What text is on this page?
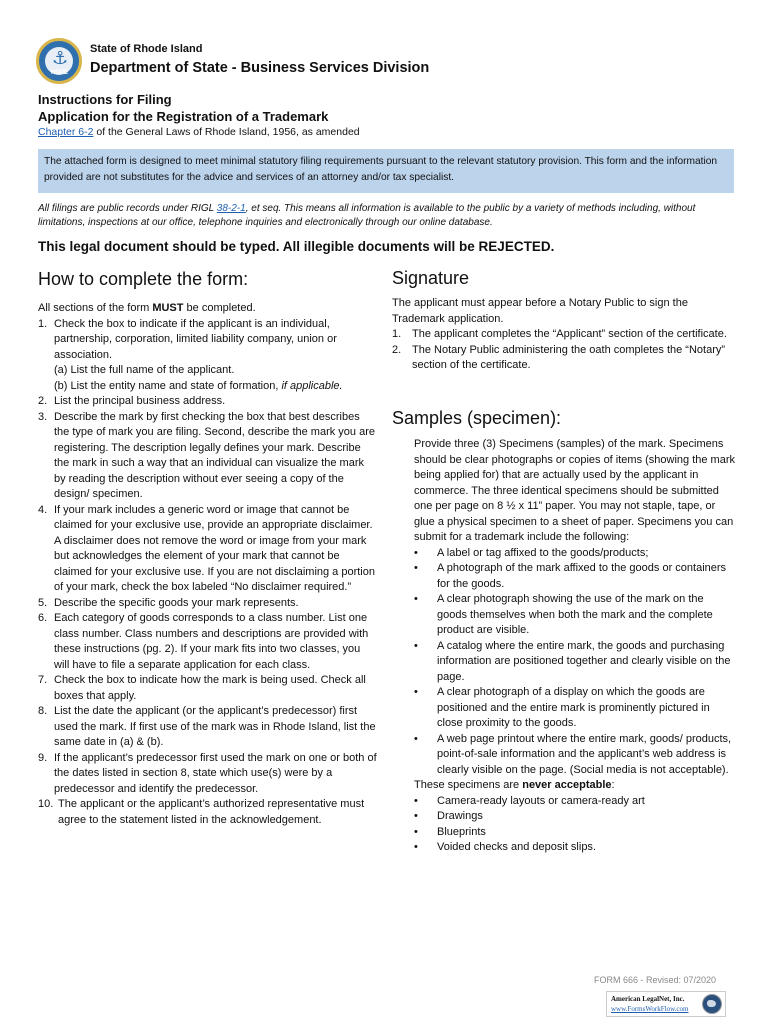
⚓
HOPE
State of Rhode Island
Department of State - Business Services Division
Instructions for Filing
Application for the Registration of a Trademark
Chapter 6-2 of the General Laws of Rhode Island, 1956, as amended
The attached form is designed to meet minimal statutory filing requirements pursuant to the relevant statutory provision. This form and the information provided are not substitutes for the advice and services of an attorney and/or tax specialist.
All filings are public records under RIGL 38-2-1, et seq. This means all information is available to the public by a variety of methods including, without limitations, inspections at our office, telephone inquiries and electronically through our online database.
This legal document should be typed. All illegible documents will be REJECTED.
How to complete the form:

All sections of the form MUST be completed.

1. Check the box to indicate if the applicant is an individual, partnership, corporation, limited liability company, union or association.
(a) List the full name of the applicant.
(b) List the entity name and state of formation, if applicable.
2. List the principal business address.
3. Describe the mark by first checking the box that best describes the type of mark you are filing. Second, describe the mark you are registering. The description legally defines your mark. Describe the mark in such a way that an individual can visualize the mark by reading the description without ever seeing a copy of the design/ specimen.
4. If your mark includes a generic word or image that cannot be claimed for your exclusive use, provide an appropriate disclaimer. A disclaimer does not remove the word or image from your mark but acknowledges the element of your mark that cannot be claimed for your exclusive use. If you are not disclaiming a portion of your mark, check the box labeled “No disclaimer required.”
5. Describe the specific goods your mark represents.
6. Each category of goods corresponds to a class number. List one class number. Class numbers and descriptions are provided with these instructions (pg. 2). If your mark fits into two classes, you will have to file a separate application for each class.
7. Check the box to indicate how the mark is being used. Check all boxes that apply.
8. List the date the applicant (or the applicant’s predecessor) first used the mark. If first use of the mark was in Rhode Island, list the same date in (a) & (b).
9. If the applicant’s predecessor first used the mark on one or both of the dates listed in section 8, state which use(s) were by a predecessor and identify the predecessor.
10. The applicant or the applicant’s authorized representative must agree to the statement listed in the acknowledgement.
Signature

The applicant must appear before a Notary Public to sign the Trademark application.

1. The applicant completes the “Applicant” section of the certificate.
2. The Notary Public administering the oath completes the “Notary” section of the certificate.
Samples (specimen):

Provide three (3) Specimens (samples) of the mark. Specimens should be clear photographs or copies of items (showing the mark being applied for) that are actually used by the applicant in commerce. The three identical specimens should be submitted one per page on 8 ½ x 11” paper. You may not staple, tape, or glue a physical specimen to a sheet of paper. Specimens you can submit for a trademark include the following:

• A label or tag affixed to the goods/products;
• A photograph of the mark affixed to the goods or containers for the goods.
• A clear photograph showing the use of the mark on the goods themselves when both the mark and the complete product are visible.
• A catalog where the entire mark, the goods and purchasing information are positioned together and clearly visible on the page.
• A clear photograph of a display on which the goods are positioned and the entire mark is prominently pictured in close proximity to the goods.
• A web page printout where the entire mark, goods/ products, point-of-sale information and the applicant’s web address is clearly visible on the page. (Social media is not acceptable).

These specimens are never acceptable:

• Camera-ready layouts or camera-ready art
• Drawings
• Blueprints
• Voided checks and deposit slips.
FORM 666 - Revised: 07/2020
American LegalNet, Inc.
www.FormsWorkFlow.com
